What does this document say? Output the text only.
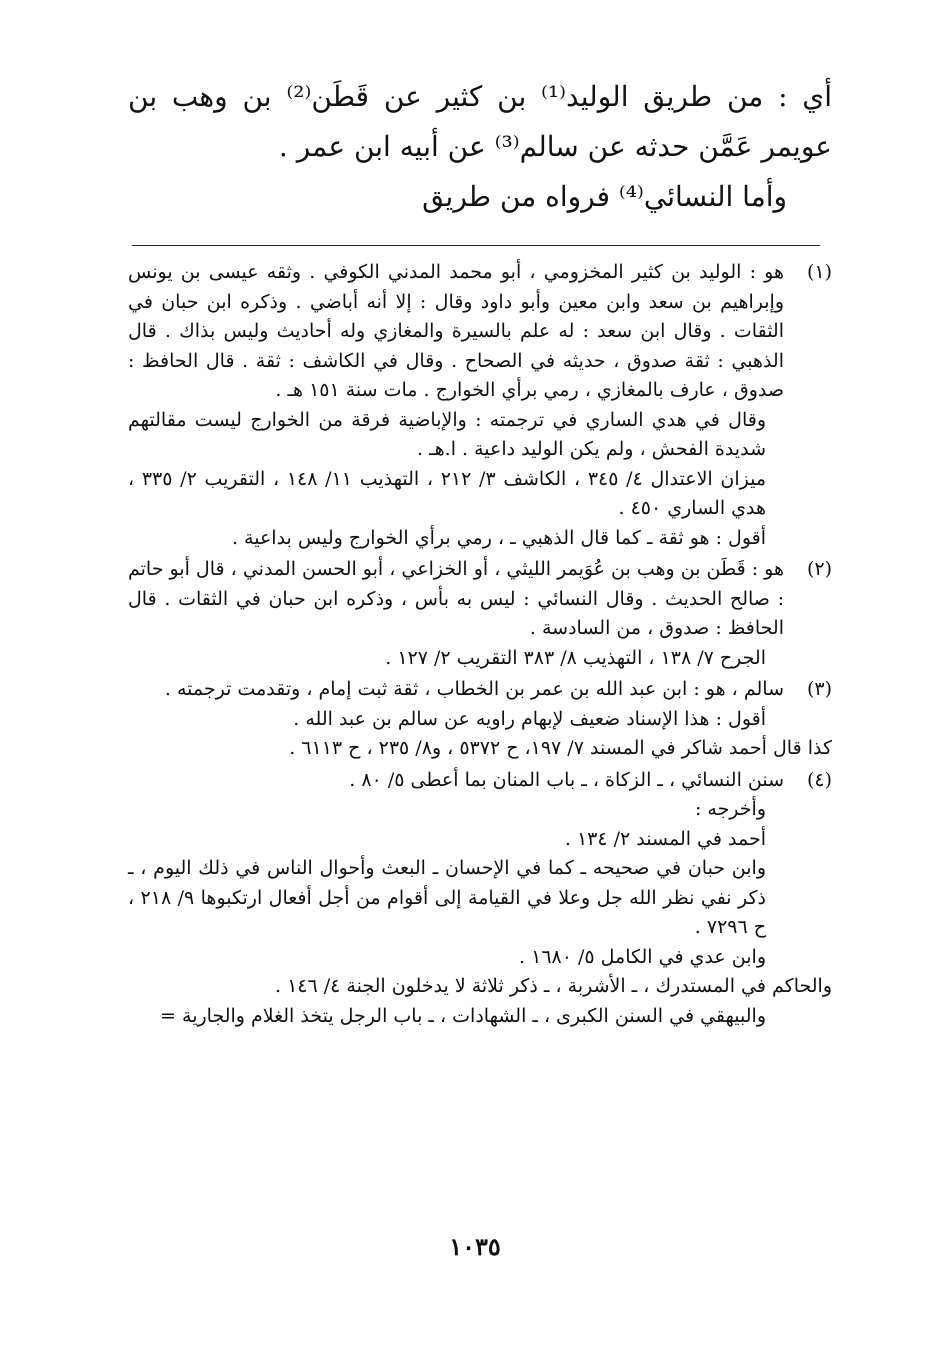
أي : من طريق الوليد⁽¹⁾ بن كثير عن قَطَن⁽²⁾ بن وهب بن عويمر عَمَّن حدثه عن سالم⁽³⁾ عن أبيه ابن عمر .

وأما النسائي⁽⁴⁾ فرواه من طريق

(١)

هو : الوليد بن كثير المخزومي ، أبو محمد المدني الكوفي . وثقه عيسى بن يونس وإبراهيم بن سعد وابن معين وأبو داود وقال : إلا أنه أباضي . وذكره ابن حبان في الثقات . وقال ابن سعد : له علم بالسيرة والمغازي وله أحاديث وليس بذاك . قال الذهبي : ثقة صدوق ، حديثه في الصحاح . وقال في الكاشف : ثقة . قال الحافظ : صدوق ، عارف بالمغازي ، رمي برأي الخوارج . مات سنة ١٥١ هـ .

وقال في هدي الساري في ترجمته : والإباضية فرقة من الخوارج ليست مقالتهم شديدة الفحش ، ولم يكن الوليد داعية . ا.هـ .

ميزان الاعتدال ٤/ ٣٤٥ ، الكاشف ٣/ ٢١٢ ، التهذيب ١١/ ١٤٨ ، التقريب ٢/ ٣٣٥ ، هدي الساري ٤٥٠ .

أقول : هو ثقة ـ كما قال الذهبي ـ ، رمي برأي الخوارج وليس بداعية .

(٢)

هو : قَطَن بن وهب بن عُوَيمر الليثي ، أو الخزاعي ، أبو الحسن المدني ، قال أبو حاتم : صالح الحديث . وقال النسائي : ليس به بأس ، وذكره ابن حبان في الثقات . قال الحافظ : صدوق ، من السادسة .

الجرح ٧/ ١٣٨ ، التهذيب ٨/ ٣٨٣ التقريب ٢/ ١٢٧ .

(٣)

سالم ، هو : ابن عبد الله بن عمر بن الخطاب ، ثقة ثبت إمام ، وتقدمت ترجمته .

أقول : هذا الإسناد ضعيف لإبهام راويه عن سالم بن عبد الله .

كذا قال أحمد شاكر في المسند ٧/ ١٩٧، ح ٥٣٧٢ ، و٨/ ٢٣٥ ، ح ٦١١٣ .

(٤)

سنن النسائي ، ـ الزكاة ، ـ باب المنان بما أعطى ٥/ ٨٠ .

وأخرجه :

أحمد في المسند ٢/ ١٣٤ .

وابن حبان في صحيحه ـ كما في الإحسان ـ البعث وأحوال الناس في ذلك اليوم ، ـ ذكر نفي نظر الله جل وعلا في القيامة إلى أقوام من أجل أفعال ارتكبوها ٩/ ٢١٨ ، ح ٧٢٩٦ .

وابن عدي في الكامل ٥/ ١٦٨٠ .

والحاكم في المستدرك ، ـ الأشربة ، ـ ذكر ثلاثة لا يدخلون الجنة ٤/ ١٤٦ .

والبيهقي في السنن الكبرى ، ـ الشهادات ، ـ باب الرجل يتخذ الغلام والجارية =

١٠٣٥
